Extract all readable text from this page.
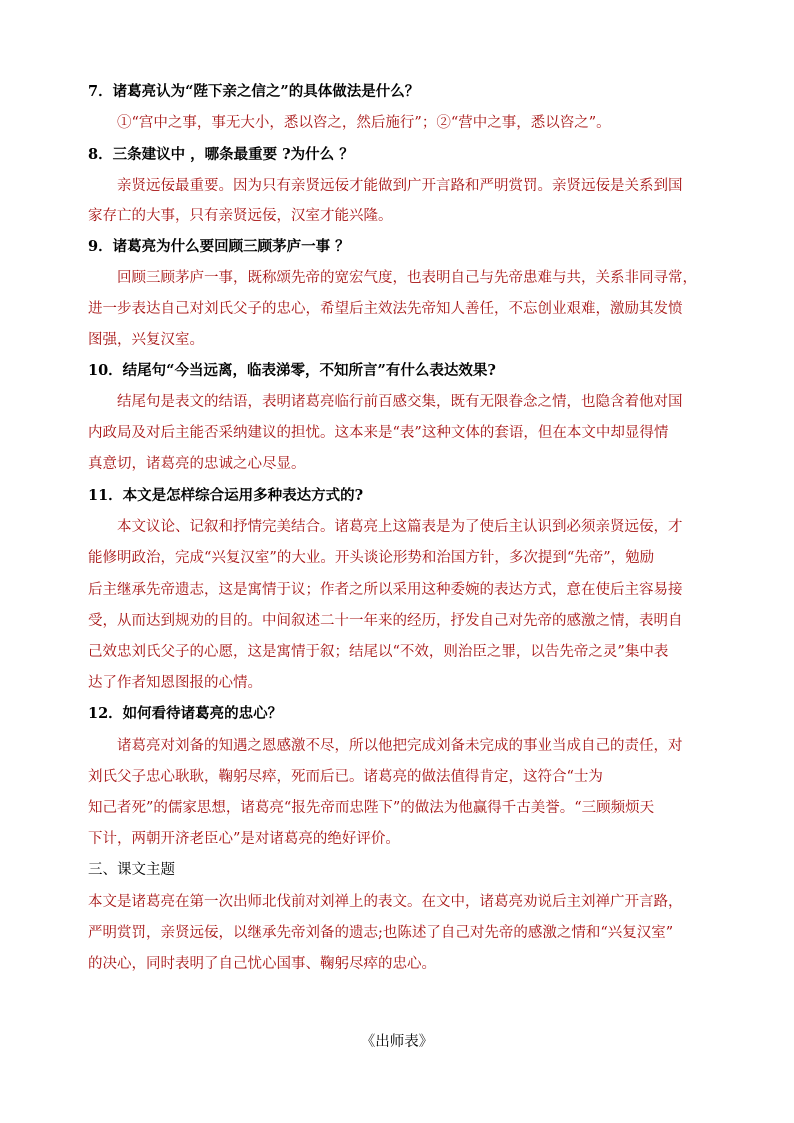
7．诸葛亮认为“陛下亲之信之”的具体做法是什么？

①“宫中之事，事无大小，悉以咨之，然后施行”；②“营中之事，悉以咨之”。

8．三条建议中 ，哪条最重要 ?为什么 ？

亲贤远佞最重要。因为只有亲贤远佞才能做到广开言路和严明赏罚。亲贤远佞是关系到国

家存亡的大事，只有亲贤远佞，汉室才能兴隆。

9．诸葛亮为什么要回顾三顾茅庐一事 ？

回顾三顾茅庐一事，既称颂先帝的宽宏气度，也表明自己与先帝患难与共，关系非同寻常，

进一步表达自己对刘氏父子的忠心，希望后主效法先帝知人善任，不忘创业艰难，激励其发愤

图强，兴复汉室。

10．结尾句“今当远离，临表涕零，不知所言”有什么表达效果?

结尾句是表文的结语，表明诸葛亮临行前百感交集，既有无限眷念之情，也隐含着他对国

内政局及对后主能否采纳建议的担忧。这本来是“表”这种文体的套语，但在本文中却显得情

真意切，诸葛亮的忠诚之心尽显。

11．本文是怎样综合运用多种表达方式的?

本文议论、记叙和抒情完美结合。诸葛亮上这篇表是为了使后主认识到必须亲贤远佞，才

能修明政治，完成“兴复汉室”的大业。开头谈论形势和治国方针，多次提到“先帝”，勉励

后主继承先帝遗志，这是寓情于议；作者之所以采用这种委婉的表达方式，意在使后主容易接

受，从而达到规劝的目的。中间叙述二十一年来的经历，抒发自己对先帝的感激之情，表明自

己效忠刘氏父子的心愿，这是寓情于叙；结尾以“不效，则治臣之罪，以告先帝之灵”集中表

达了作者知恩图报的心情。

12．如何看待诸葛亮的忠心？

诸葛亮对刘备的知遇之恩感激不尽，所以他把完成刘备未完成的事业当成自己的责任，对

刘氏父子忠心耿耿，鞠躬尽瘁，死而后已。诸葛亮的做法值得肯定，这符合“士为

知己者死”的儒家思想，诸葛亮“报先帝而忠陛下”的做法为他赢得千古美誉。“三顾频烦天

下计，两朝开济老臣心”是对诸葛亮的绝好评价。

三、课文主题

本文是诸葛亮在第一次出师北伐前对刘禅上的表文。在文中，诸葛亮劝说后主刘禅广开言路，

严明赏罚，亲贤远佞，以继承先帝刘备的遗志;也陈述了自己对先帝的感激之情和“兴复汉室”

的决心，同时表明了自己忧心国事、鞠躬尽瘁的忠心。

《出师表》
